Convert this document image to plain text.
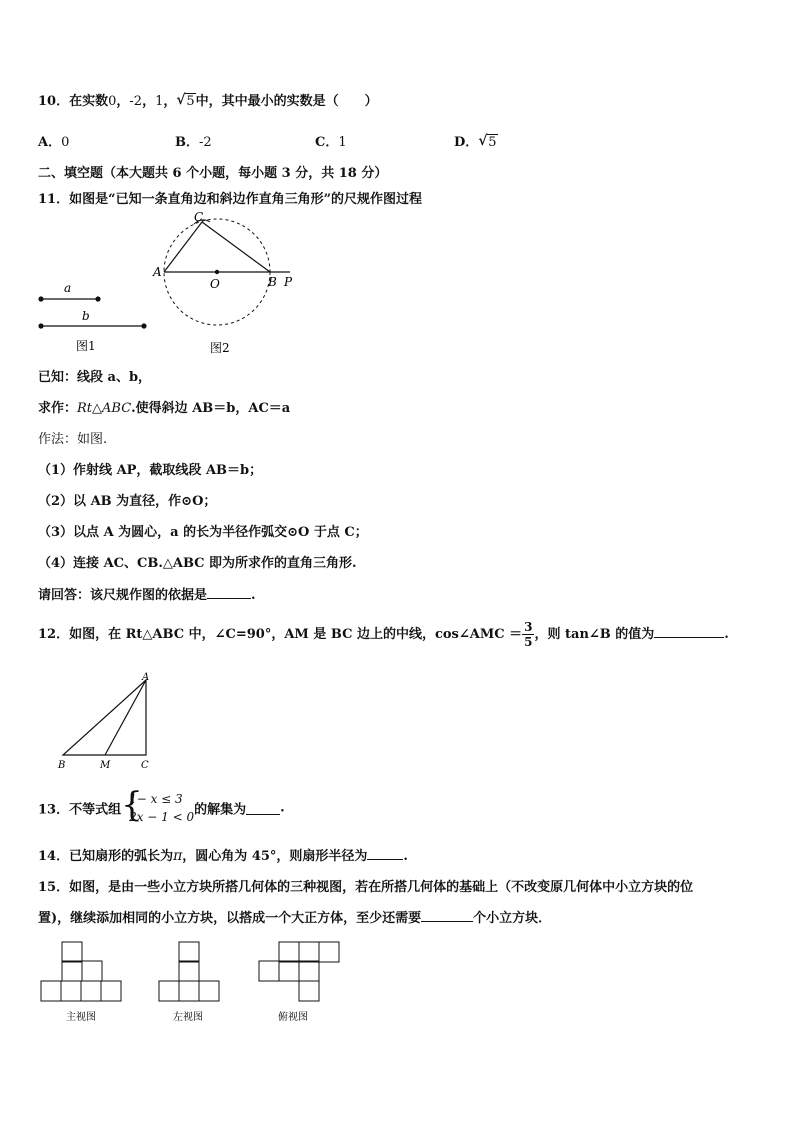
10．在实数0，-2，1， √ 5中，其中最小的实数是（　　）
A．0	B．-2	C．1	D． √ 5
二、填空题（本大题共 6 个小题，每小题 3 分，共 18 分）
11．如图是“已知一条直角边和斜边作直角三角形”的尺规作图过程
a
b
图1
C
A
O	B P
图2
已知：线段 a、b，
求作：Rt△ABC.使得斜边 AB＝b，AC＝a
作法：如图.
（1）作射线 AP，截取线段 AB＝b；
（2）以 AB 为直径，作⊙O；
（3）以点 A 为圆心，a 的长为半径作弧交⊙O 于点 C；
（4）连接 AC、CB.△ABC 即为所求作的直角三角形.
请回答：该尺规作图的依据是	.
12．如图，在 Rt△ABC 中，∠C=90°，AM 是 BC 边上的中线，cos∠AMC ＝ $\frac{3}{5}$ ，则 tan∠B 的值为	.
A
B	M	C
13．不等式组 {
1− x ≤ 3
2x − 1 < 0 的解集为	.
14．已知扇形的弧长为π，圆心角为 45°，则扇形半径为	.
15．如图，是由一些小立方块所搭几何体的三种视图，若在所搭几何体的基础上（不改变原几何体中小立方块的位
置)，继续添加相同的小立方块，以搭成一个大正方体，至少还需要	个小立方块．
主视图	左视图	俯视图
